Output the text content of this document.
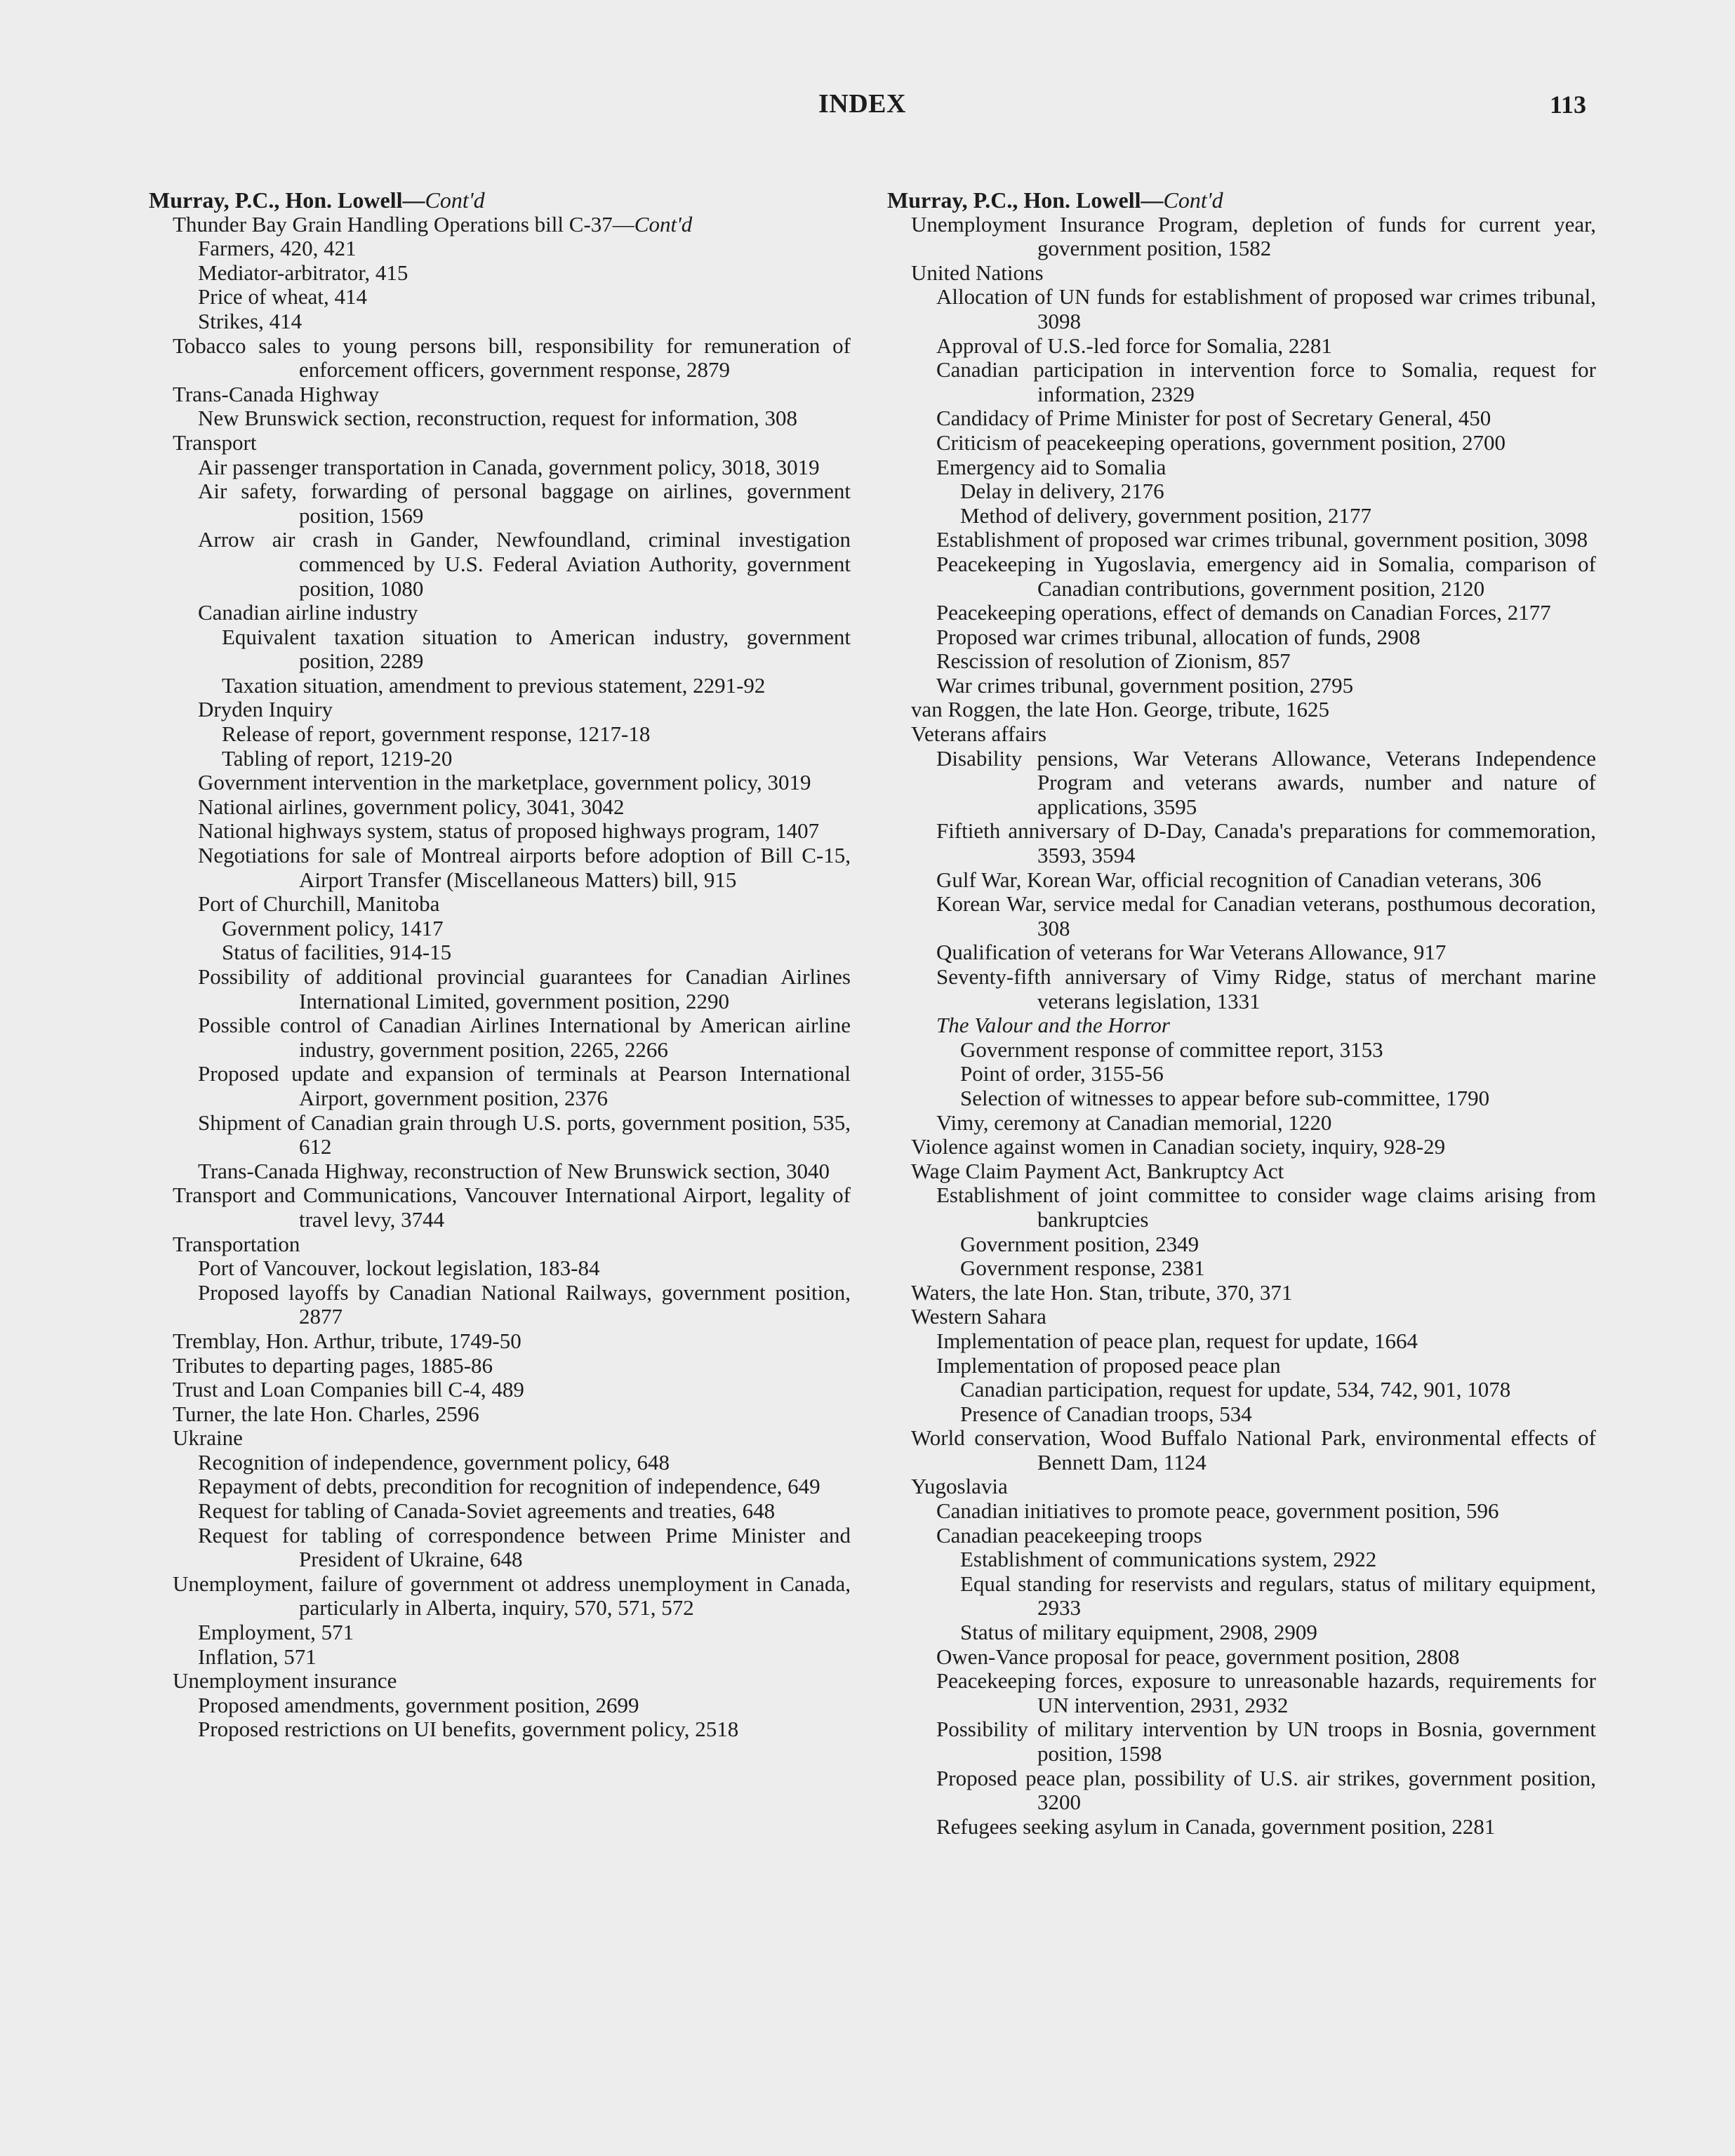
INDEX	113
Murray, P.C., Hon. Lowell—Cont'd
Thunder Bay Grain Handling Operations bill C-37—Cont'd
Farmers, 420, 421
Mediator-arbitrator, 415
Price of wheat, 414
Strikes, 414
Tobacco sales to young persons bill, responsibility for remuneration of enforcement officers, government response, 2879
Trans-Canada Highway
New Brunswick section, reconstruction, request for information, 308
Transport
Air passenger transportation in Canada, government policy, 3018, 3019
Air safety, forwarding of personal baggage on airlines, government position, 1569
Arrow air crash in Gander, Newfoundland, criminal investigation commenced by U.S. Federal Aviation Authority, government position, 1080
Canadian airline industry
Equivalent taxation situation to American industry, government position, 2289
Taxation situation, amendment to previous statement, 2291-92
Dryden Inquiry
Release of report, government response, 1217-18
Tabling of report, 1219-20
Government intervention in the marketplace, government policy, 3019
National airlines, government policy, 3041, 3042
National highways system, status of proposed highways program, 1407
Negotiations for sale of Montreal airports before adoption of Bill C-15, Airport Transfer (Miscellaneous Matters) bill, 915
Port of Churchill, Manitoba
Government policy, 1417
Status of facilities, 914-15
Possibility of additional provincial guarantees for Canadian Airlines International Limited, government position, 2290
Possible control of Canadian Airlines International by American airline industry, government position, 2265, 2266
Proposed update and expansion of terminals at Pearson International Airport, government position, 2376
Shipment of Canadian grain through U.S. ports, government position, 535, 612
Trans-Canada Highway, reconstruction of New Brunswick section, 3040
Transport and Communications, Vancouver International Airport, legality of travel levy, 3744
Transportation
Port of Vancouver, lockout legislation, 183-84
Proposed layoffs by Canadian National Railways, government position, 2877
Tremblay, Hon. Arthur, tribute, 1749-50
Tributes to departing pages, 1885-86
Trust and Loan Companies bill C-4, 489
Turner, the late Hon. Charles, 2596
Ukraine
Recognition of independence, government policy, 648
Repayment of debts, precondition for recognition of independence, 649
Request for tabling of Canada-Soviet agreements and treaties, 648
Request for tabling of correspondence between Prime Minister and President of Ukraine, 648
Unemployment, failure of government ot address unemployment in Canada, particularly in Alberta, inquiry, 570, 571, 572
Employment, 571
Inflation, 571
Unemployment insurance
Proposed amendments, government position, 2699
Proposed restrictions on UI benefits, government policy, 2518
Murray, P.C., Hon. Lowell—Cont'd
Unemployment Insurance Program, depletion of funds for current year, government position, 1582
United Nations
Allocation of UN funds for establishment of proposed war crimes tribunal, 3098
Approval of U.S.-led force for Somalia, 2281
Canadian participation in intervention force to Somalia, request for information, 2329
Candidacy of Prime Minister for post of Secretary General, 450
Criticism of peacekeeping operations, government position, 2700
Emergency aid to Somalia
Delay in delivery, 2176
Method of delivery, government position, 2177
Establishment of proposed war crimes tribunal, government position, 3098
Peacekeeping in Yugoslavia, emergency aid in Somalia, comparison of Canadian contributions, government position, 2120
Peacekeeping operations, effect of demands on Canadian Forces, 2177
Proposed war crimes tribunal, allocation of funds, 2908
Rescission of resolution of Zionism, 857
War crimes tribunal, government position, 2795
van Roggen, the late Hon. George, tribute, 1625
Veterans affairs
Disability pensions, War Veterans Allowance, Veterans Independence Program and veterans awards, number and nature of applications, 3595
Fiftieth anniversary of D-Day, Canada's preparations for commemoration, 3593, 3594
Gulf War, Korean War, official recognition of Canadian veterans, 306
Korean War, service medal for Canadian veterans, posthumous decoration, 308
Qualification of veterans for War Veterans Allowance, 917
Seventy-fifth anniversary of Vimy Ridge, status of merchant marine veterans legislation, 1331
The Valour and the Horror
Government response of committee report, 3153
Point of order, 3155-56
Selection of witnesses to appear before sub-committee, 1790
Vimy, ceremony at Canadian memorial, 1220
Violence against women in Canadian society, inquiry, 928-29
Wage Claim Payment Act, Bankruptcy Act
Establishment of joint committee to consider wage claims arising from bankruptcies
Government position, 2349
Government response, 2381
Waters, the late Hon. Stan, tribute, 370, 371
Western Sahara
Implementation of peace plan, request for update, 1664
Implementation of proposed peace plan
Canadian participation, request for update, 534, 742, 901, 1078
Presence of Canadian troops, 534
World conservation, Wood Buffalo National Park, environmental effects of Bennett Dam, 1124
Yugoslavia
Canadian initiatives to promote peace, government position, 596
Canadian peacekeeping troops
Establishment of communications system, 2922
Equal standing for reservists and regulars, status of military equipment, 2933
Status of military equipment, 2908, 2909
Owen-Vance proposal for peace, government position, 2808
Peacekeeping forces, exposure to unreasonable hazards, requirements for UN intervention, 2931, 2932
Possibility of military intervention by UN troops in Bosnia, government position, 1598
Proposed peace plan, possibility of U.S. air strikes, government position, 3200
Refugees seeking asylum in Canada, government position, 2281
